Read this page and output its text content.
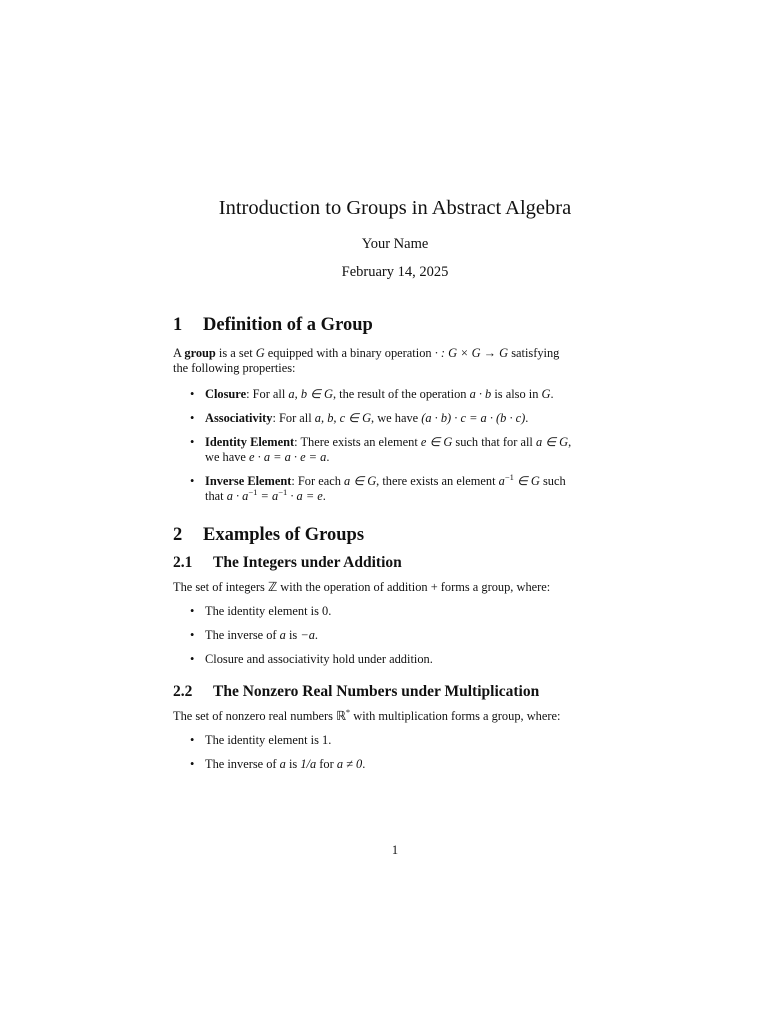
Introduction to Groups in Abstract Algebra
Your Name
February 14, 2025
1 Definition of a Group

A group is a set G equipped with a binary operation · : G × G → G satisfying
the following properties:

• Closure: For all a, b ∈ G, the result of the operation a · b is also in G.

• Associativity: For all a, b, c ∈ G, we have (a · b) · c = a · (b · c).

• Identity Element: There exists an element e ∈ G such that for all a ∈ G,
we have e · a = a · e = a.

• Inverse Element: For each a ∈ G, there exists an element $a^{-1}$ ∈ G such
that $a \cdot a^{-1} = a^{-1} \cdot a = e$.

2 Examples of Groups
2.1 The Integers under Addition

The set of integers ℤ with the operation of addition + forms a group, where:

• The identity element is 0.

• The inverse of a is −a.

• Closure and associativity hold under addition.

2.2 The Nonzero Real Numbers under Multiplication

The set of nonzero real numbers ℝ* with multiplication forms a group, where:

• The identity element is 1.

• The inverse of a is 1/a for a ≠ 0.

1
